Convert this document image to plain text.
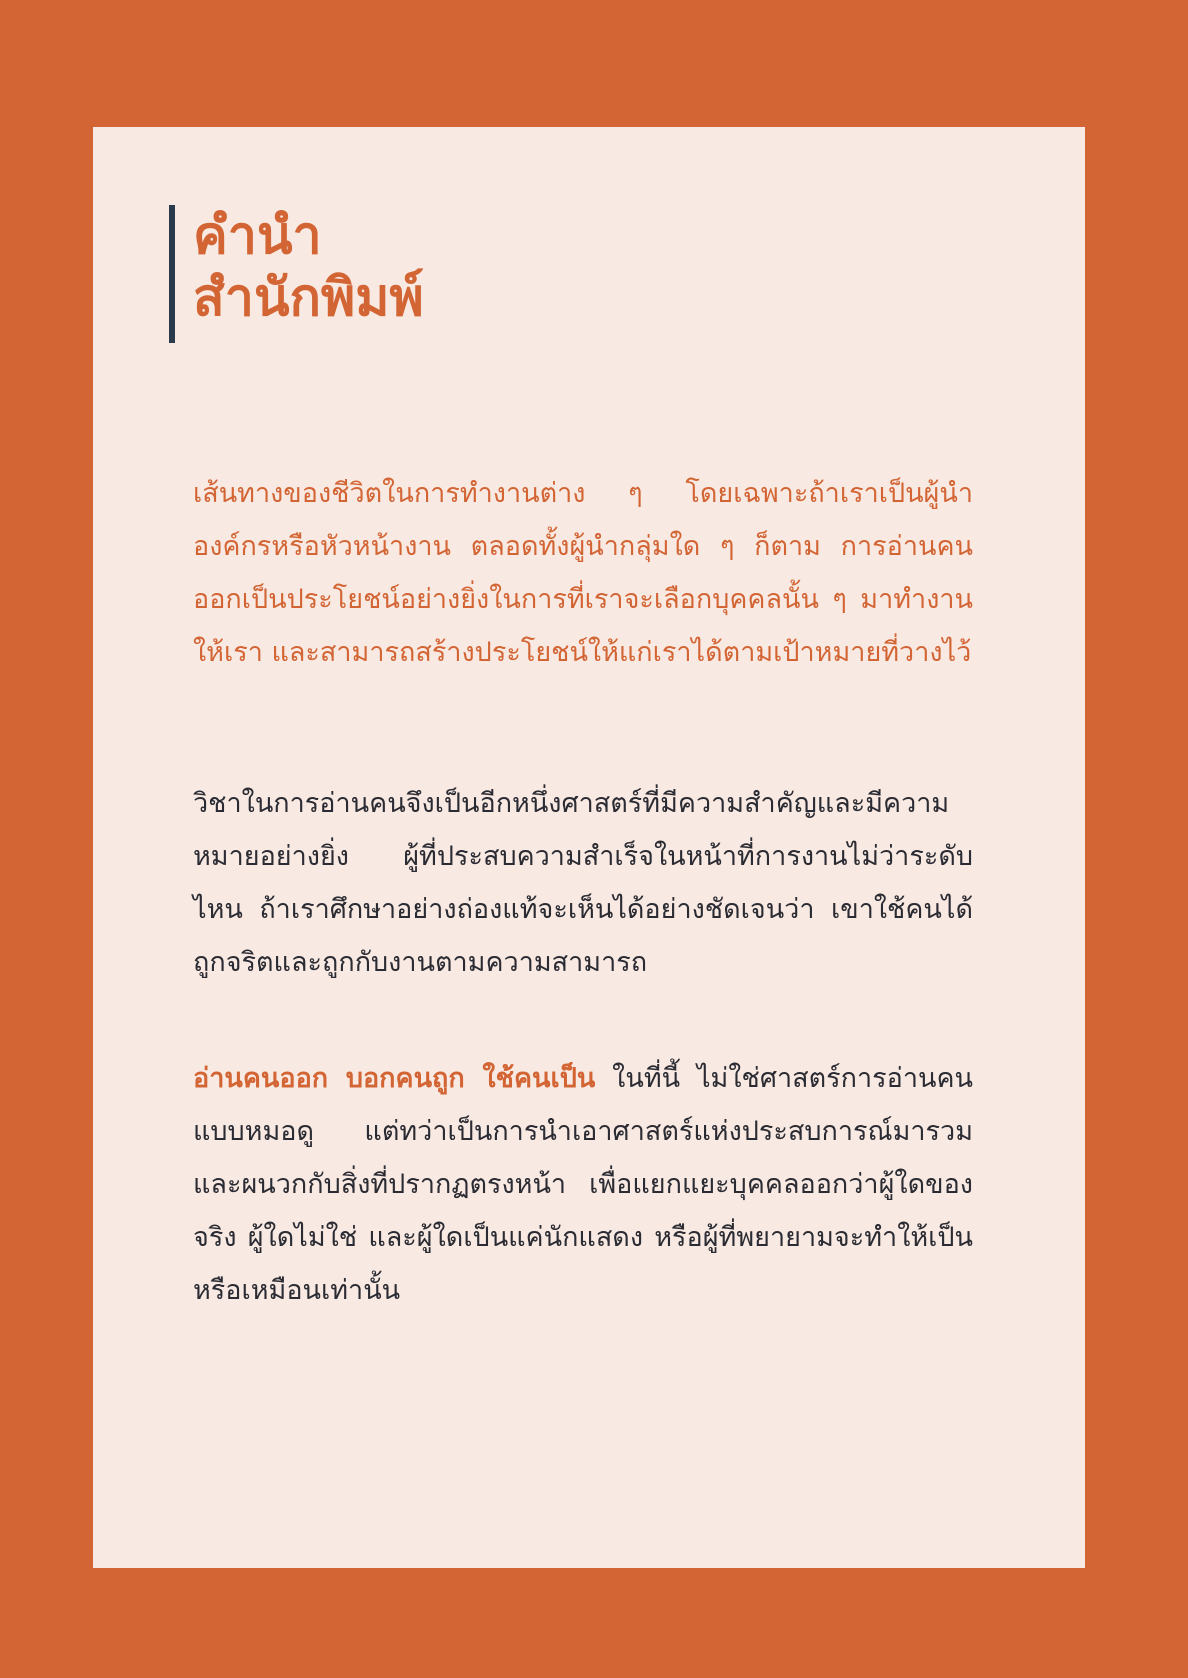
คำนำ
สำนักพิมพ์

เส้นทางของชีวิตในการทำงานต่าง ๆ โดยเฉพาะถ้าเราเป็นผู้นำองค์กรหรือหัวหน้างาน ตลอดทั้งผู้นำกลุ่มใด ๆ ก็ตาม การอ่านคนออกเป็นประโยชน์อย่างยิ่งในการที่เราจะเลือกบุคคลนั้น ๆ มาทำงานให้เรา และสามารถสร้างประโยชน์ให้แก่เราได้ตามเป้าหมายที่วางไว้

วิชาในการอ่านคนจึงเป็นอีกหนึ่งศาสตร์ที่มีความสำคัญและมีความหมายอย่างยิ่ง ผู้ที่ประสบความสำเร็จในหน้าที่การงานไม่ว่าระดับไหน ถ้าเราศึกษาอย่างถ่องแท้จะเห็นได้อย่างชัดเจนว่า เขาใช้คนได้ถูกจริตและถูกกับงานตามความสามารถ

อ่านคนออก บอกคนถูก ใช้คนเป็น ในที่นี้ ไม่ใช่ศาสตร์การอ่านคนแบบหมอดู แต่ทว่าเป็นการนำเอาศาสตร์แห่งประสบการณ์มารวมและผนวกกับสิ่งที่ปรากฏตรงหน้า เพื่อแยกแยะบุคคลออกว่าผู้ใดของจริง ผู้ใดไม่ใช่ และผู้ใดเป็นแค่นักแสดง หรือผู้ที่พยายามจะทำให้เป็นหรือเหมือนเท่านั้น
